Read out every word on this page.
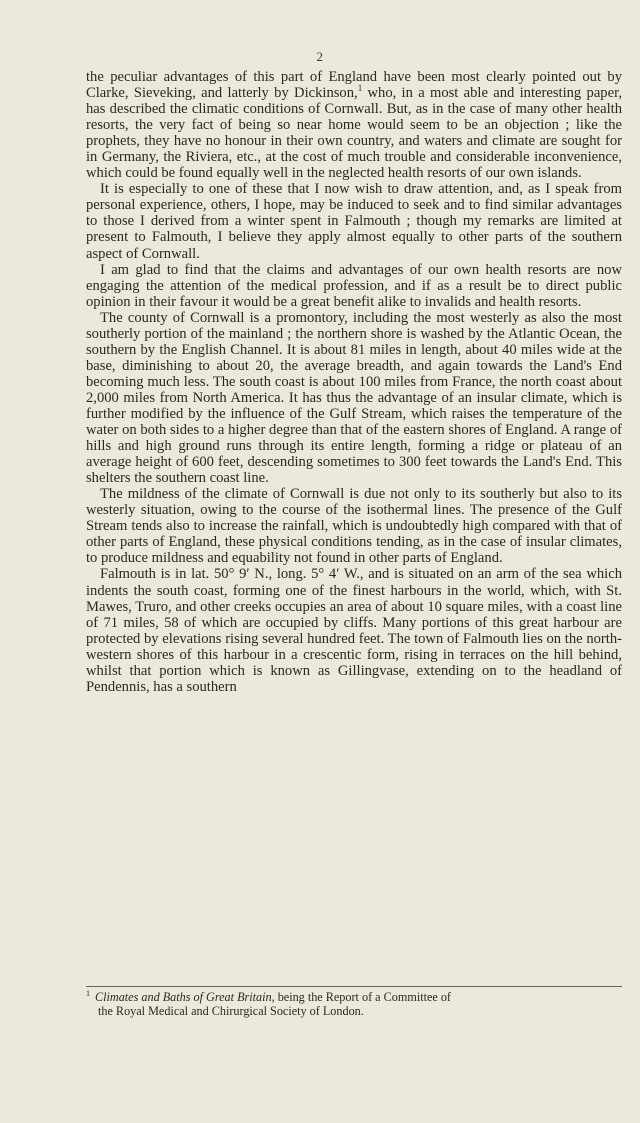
2

the peculiar advantages of this part of England have been most clearly pointed out by Clarke, Sieveking, and latterly by Dickinson,$^1$ who, in a most able and interesting paper, has described the climatic conditions of Cornwall. But, as in the case of many other health resorts, the very fact of being so near home would seem to be an objection ; like the prophets, they have no honour in their own country, and waters and climate are sought for in Germany, the Riviera, etc., at the cost of much trouble and considerable inconvenience, which could be found equally well in the neglected health resorts of our own islands.

It is especially to one of these that I now wish to draw attention, and, as I speak from personal experience, others, I hope, may be induced to seek and to find similar advantages to those I derived from a winter spent in Falmouth ; though my remarks are limited at present to Falmouth, I believe they apply almost equally to other parts of the southern aspect of Cornwall.

I am glad to find that the claims and advantages of our own health resorts are now engaging the attention of the medical profession, and if as a result be to direct public opinion in their favour it would be a great benefit alike to invalids and health resorts.

The county of Cornwall is a promontory, including the most westerly as also the most southerly portion of the mainland ; the northern shore is washed by the Atlantic Ocean, the southern by the English Channel. It is about 81 miles in length, about 40 miles wide at the base, diminishing to about 20, the average breadth, and again towards the Land's End becoming much less. The south coast is about 100 miles from France, the north coast about 2,000 miles from North America. It has thus the advantage of an insular climate, which is further modified by the influence of the Gulf Stream, which raises the temperature of the water on both sides to a higher degree than that of the eastern shores of England. A range of hills and high ground runs through its entire length, forming a ridge or plateau of an average height of 600 feet, descending sometimes to 300 feet towards the Land's End. This shelters the southern coast line.

The mildness of the climate of Cornwall is due not only to its southerly but also to its westerly situation, owing to the course of the isothermal lines. The presence of the Gulf Stream tends also to increase the rainfall, which is undoubtedly high compared with that of other parts of England, these physical conditions tending, as in the case of insular climates, to produce mildness and equability not found in other parts of England.

Falmouth is in lat. 50° 9′ N., long. 5° 4′ W., and is situated on an arm of the sea which indents the south coast, forming one of the finest harbours in the world, which, with St. Mawes, Truro, and other creeks occupies an area of about 10 square miles, with a coast line of 71 miles, 58 of which are occupied by cliffs. Many portions of this great harbour are protected by elevations rising several hundred feet. The town of Falmouth lies on the north-western shores of this harbour in a crescentic form, rising in terraces on the hill behind, whilst that portion which is known as Gillingvase, extending on to the headland of Pendennis, has a southern

$^1$ Climates and Baths of Great Britain, being the Report of a Committee of
the Royal Medical and Chirurgical Society of London.
